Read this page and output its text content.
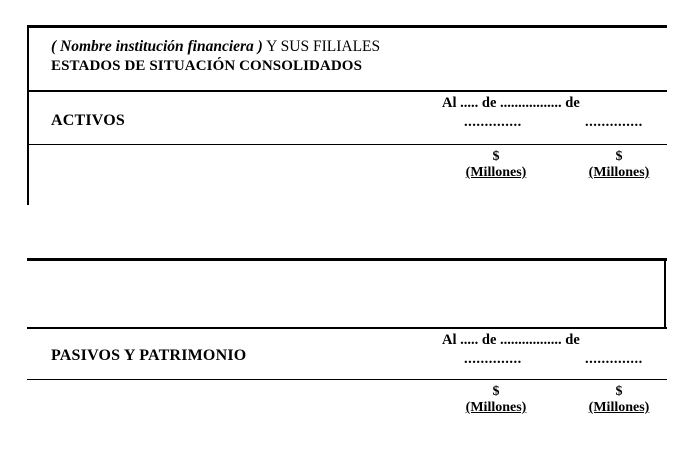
( Nombre institución financiera ) Y SUS FILIALES
ESTADOS DE SITUACIÓN CONSOLIDADOS
ACTIVOS
Al ..... de ................. de
..............	..............
$
(Millones)
$
(Millones)
PASIVOS Y PATRIMONIO
Al ..... de ................. de
..............	..............
$
(Millones)
$
(Millones)
